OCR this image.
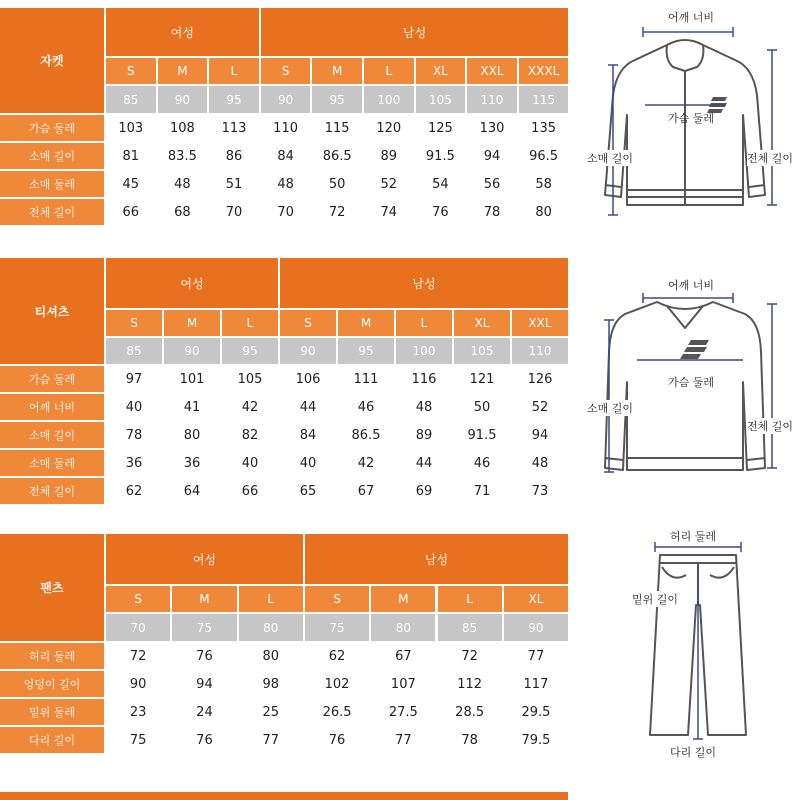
자켓
여성	남성
S	M	L	S	M	L	XL	XXL	XXXL
85	90	95	90	95	100	105	110	115
가슴 둘레	103	108	113	110	115	120	125	130	135
소매 길이	81	83.5	86	84	86.5	89	91.5	94	96.5
소매 둘레	45	48	51	48	50	52	54	56	58
전체 길이	66	68	70	70	72	74	76	78	80
티셔츠
여성	남성
S	M	L	S	M	L	XL	XXL
85	90	95	90	95	100	105	110
가슴 둘레	97	101	105	106	111	116	121	126
어깨 너비	40	41	42	44	46	48	50	52
소매 길이	78	80	82	84	86.5	89	91.5	94
소매 둘레	36	36	40	40	42	44	46	48
전체 길이	62	64	66	65	67	69	71	73
팬츠
여성	남성
S	M	L	S	M	L	XL
70	75	80	75	80	85	90
허리 둘레	72	76	80	62	67	72	77
엉덩이 길이	90	94	98	102	107	112	117
밑위 둘레	23	24	25	26.5	27.5	28.5	29.5
다리 길이	75	76	77	76	77	78	79.5
어깨 너비
가슴 둘레
소매 길이	전체 길이
어깨 너비
가슴 둘레
소매 길이
전체 길이
허리 둘레
밑위 길이
다리 길이
